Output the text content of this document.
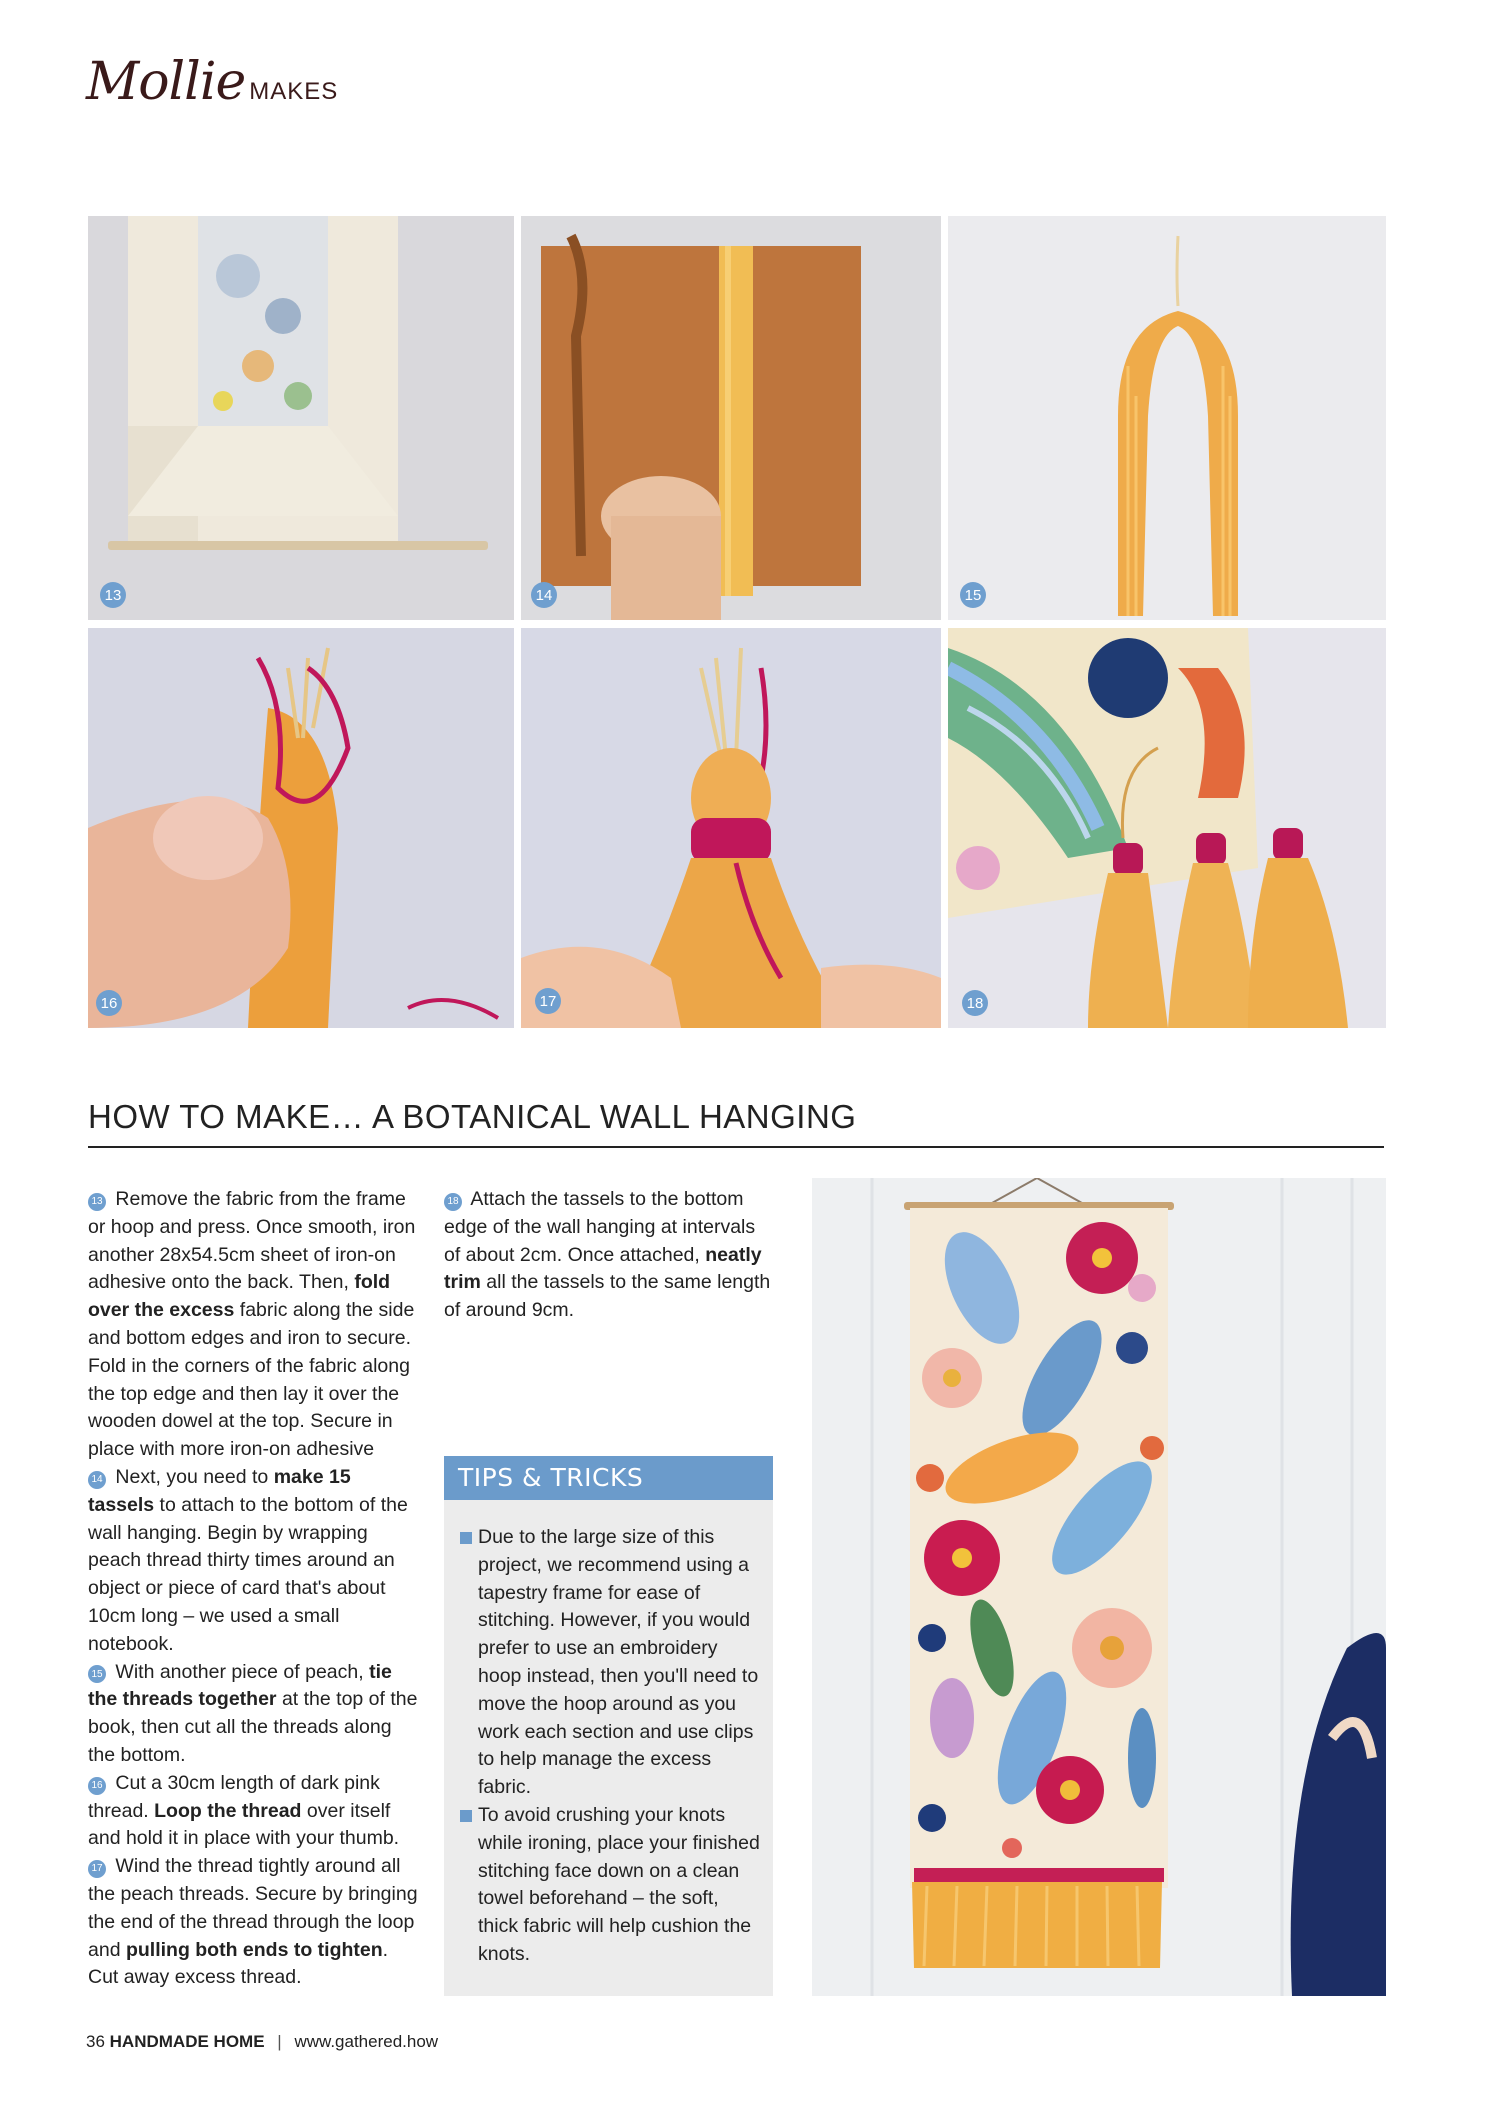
Mollie MAKES
13	14	15
16	17	18
HOW TO MAKE… A BOTANICAL WALL HANGING

13 Remove the fabric from the frame or hoop and press. Once smooth, iron another 28x54.5cm sheet of iron-on adhesive onto the back. Then, fold over the excess fabric along the side and bottom edges and iron to secure. Fold in the corners of the fabric along the top edge and then lay it over the wooden dowel at the top. Secure in place with more iron-on adhesive

14 Next, you need to make 15 tassels to attach to the bottom of the wall hanging. Begin by wrapping peach thread thirty times around an object or piece of card that's about 10cm long – we used a small notebook.

15 With another piece of peach, tie the threads together at the top of the book, then cut all the threads along the bottom.

16 Cut a 30cm length of dark pink thread. Loop the thread over itself and hold it in place with your thumb.

17 Wind the thread tightly around all the peach threads. Secure by bringing the end of the thread through the loop and pulling both ends to tighten. Cut away excess thread.

18 Attach the tassels to the bottom edge of the wall hanging at intervals of about 2cm. Once attached, neatly trim all the tassels to the same length of around 9cm.

TIPS & TRICKS

Due to the large size of this project, we recommend using a tapestry frame for ease of stitching. However, if you would prefer to use an embroidery hoop instead, then you'll need to move the hoop around as you work each section and use clips to help manage the excess fabric.

To avoid crushing your knots while ironing, place your finished stitching face down on a clean towel beforehand – the soft, thick fabric will help cushion the knots.

36 HANDMADE HOME | www.gathered.how
